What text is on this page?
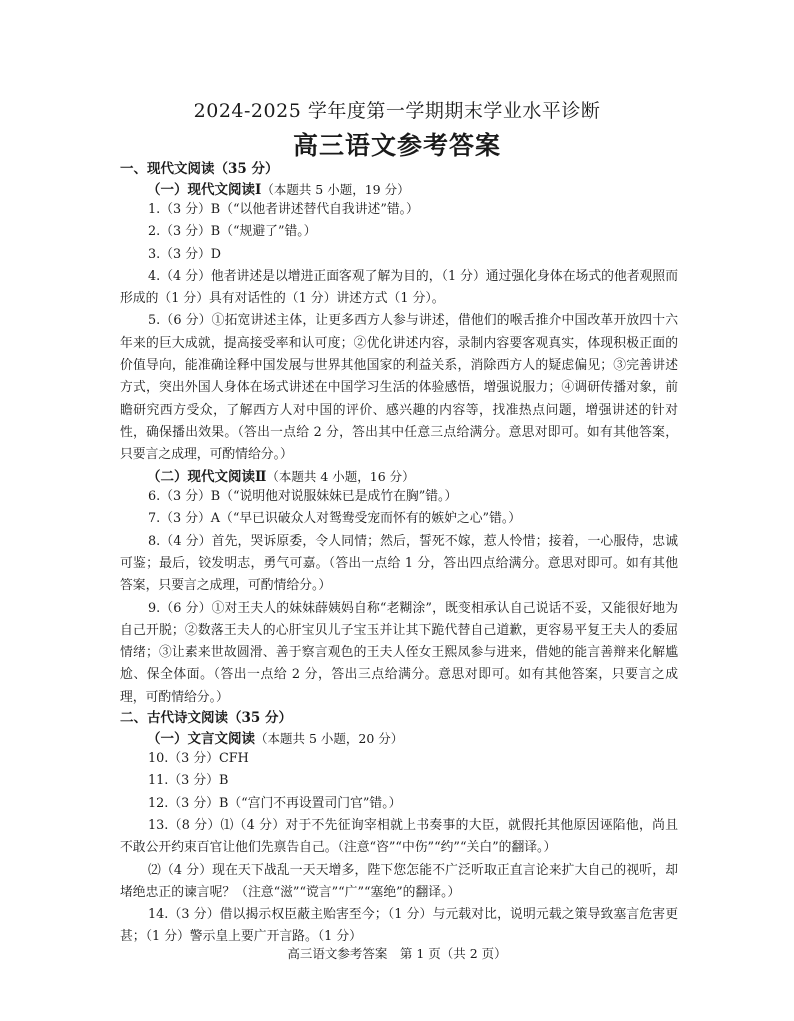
2024-2025 学年度第一学期期末学业水平诊断
高三语文参考答案
一、现代文阅读（35 分）
（一）现代文阅读Ⅰ（本题共 5 小题，19 分）

1.（3 分）B（“以他者讲述替代自我讲述”错。）

2.（3 分）B（“规避了”错。）

3.（3 分）D

4.（4 分）他者讲述是以增进正面客观了解为目的，（1 分）通过强化身体在场式的他者观照而形成的（1 分）具有对话性的（1 分）讲述方式（1 分）。

5.（6 分）①拓宽讲述主体，让更多西方人参与讲述，借他们的喉舌推介中国改革开放四十六年来的巨大成就，提高接受率和认可度；②优化讲述内容，录制内容要客观真实，体现积极正面的价值导向，能准确诠释中国发展与世界其他国家的利益关系，消除西方人的疑虑偏见；③完善讲述方式，突出外国人身体在场式讲述在中国学习生活的体验感悟，增强说服力；④调研传播对象，前瞻研究西方受众，了解西方人对中国的评价、感兴趣的内容等，找准热点问题，增强讲述的针对性，确保播出效果。（答出一点给 2 分，答出其中任意三点给满分。意思对即可。如有其他答案，只要言之成理，可酌情给分。）

（二）现代文阅读Ⅱ（本题共 4 小题，16 分）

6.（3 分）B（“说明他对说服妹妹已是成竹在胸”错。）

7.（3 分）A（“早已识破众人对鸳鸯受宠而怀有的嫉妒之心”错。）

8.（4 分）首先，哭诉原委，令人同情；然后，誓死不嫁，惹人怜惜；接着，一心服侍，忠诚可鉴；最后，铰发明志，勇气可嘉。（答出一点给 1 分，答出四点给满分。意思对即可。如有其他答案，只要言之成理，可酌情给分。）

9.（6 分）①对王夫人的妹妹薛姨妈自称“老糊涂”，既变相承认自己说话不妥，又能很好地为自己开脱；②数落王夫人的心肝宝贝儿子宝玉并让其下跪代替自己道歉，更容易平复王夫人的委屈情绪；③让素来世故圆滑、善于察言观色的王夫人侄女王熙凤参与进来，借她的能言善辩来化解尴尬、保全体面。（答出一点给 2 分，答出三点给满分。意思对即可。如有其他答案，只要言之成理，可酌情给分。）

二、古代诗文阅读（35 分）
（一）文言文阅读（本题共 5 小题，20 分）

10.（3 分）CFH

11.（3 分）B

12.（3 分）B（“宫门不再设置司门官”错。）

13.（8 分）⑴（4 分）对于不先征询宰相就上书奏事的大臣，就假托其他原因诬陷他，尚且不敢公开约束百官让他们先禀告自己。（注意“咨”“中伤”“约”“关白”的翻译。）

⑵（4 分）现在天下战乱一天天增多，陛下您怎能不广泛听取正直言论来扩大自己的视听，却堵绝忠正的谏言呢？（注意“滋”“谠言”“广”“塞绝”的翻译。）

14.（3 分）借以揭示权臣蔽主贻害至今；（1 分）与元载对比，说明元载之策导致塞言危害更甚；（1 分）警示皇上要广开言路。（1 分）

高三语文参考答案　第 1 页（共 2 页）
